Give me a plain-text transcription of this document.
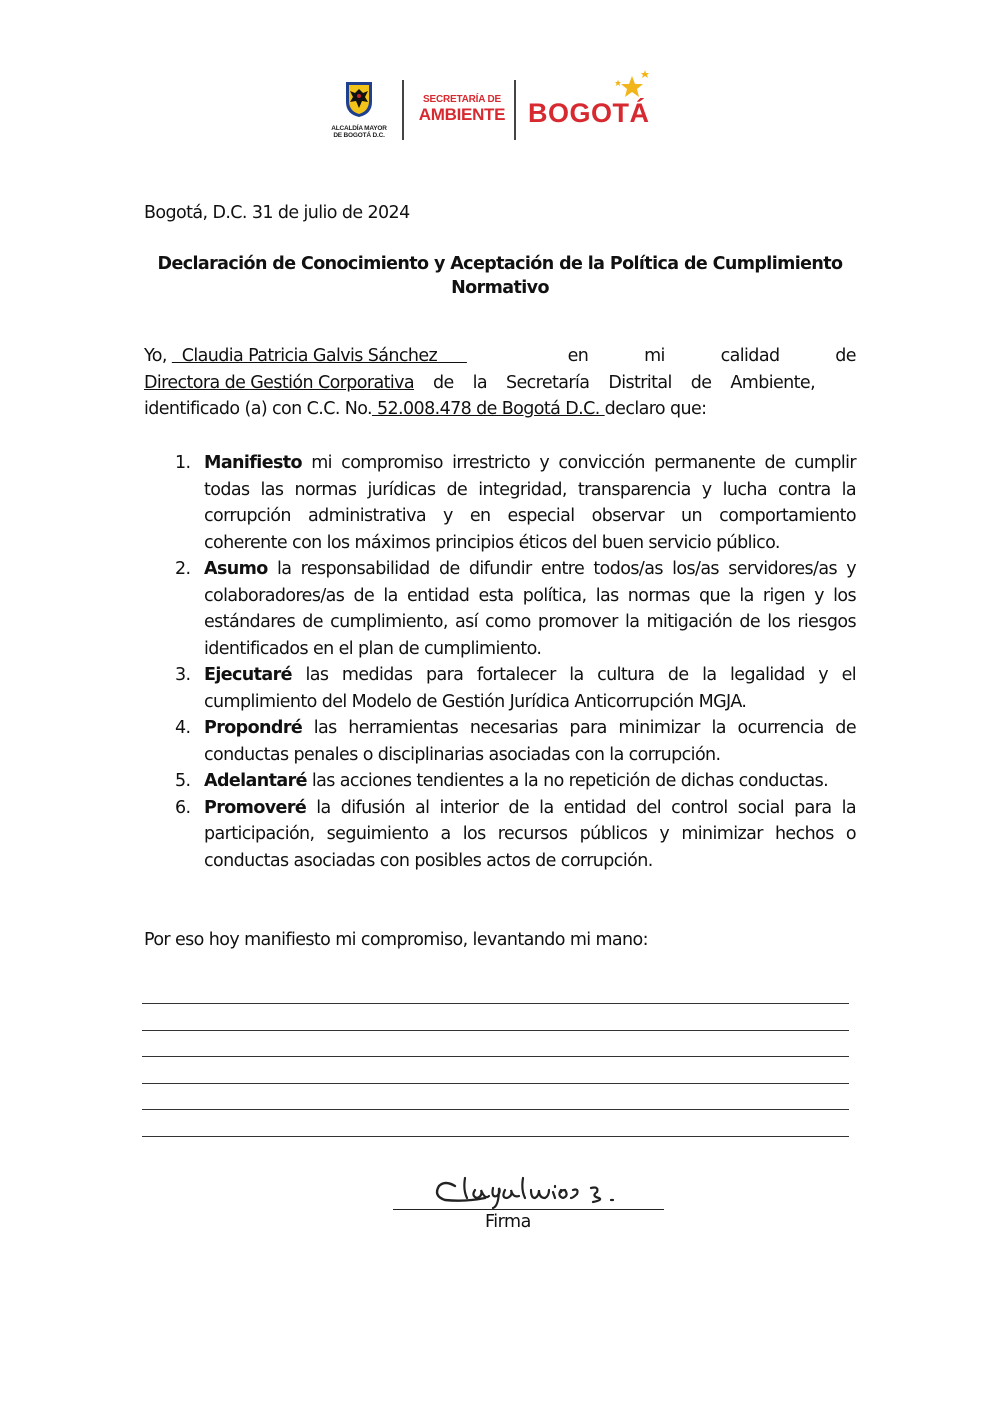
ALCALDÍA MAYOR
DE BOGOTÁ D.C.
SECRETARÍA DE
AMBIENTE BOGOTÁ
Bogotá, D.C. 31 de julio de 2024
Declaración de Conocimiento y Aceptación de la Política de Cumplimiento Normativo
Yo,   Claudia Patricia Galvis Sánchez	en	mi	calidad	de
Directora de Gestión Corporativa de la Secretaría Distrital de Ambiente,
identificado (a) con C.C. No. 52.008.478 de Bogotá D.C. declaro que:
1. Manifiesto mi compromiso irrestricto y convicción permanente de cumplir todas las normas jurídicas de integridad, transparencia y lucha contra la corrupción administrativa y en especial observar un comportamiento coherente con los máximos principios éticos del buen servicio público.
2. Asumo la responsabilidad de difundir entre todos/as los/as servidores/as y colaboradores/as de la entidad esta política, las normas que la rigen y los estándares de cumplimiento, así como promover la mitigación de los riesgos identificados en el plan de cumplimiento.
3. Ejecutaré las medidas para fortalecer la cultura de la legalidad y el cumplimiento del Modelo de Gestión Jurídica Anticorrupción MGJA.
4. Propondré las herramientas necesarias para minimizar la ocurrencia de conductas penales o disciplinarias asociadas con la corrupción.
5. Adelantaré las acciones tendientes a la no repetición de dichas conductas.
6. Promoveré la difusión al interior de la entidad del control social para la participación, seguimiento a los recursos públicos y minimizar hechos o conductas asociadas con posibles actos de corrupción.
Por eso hoy manifiesto mi compromiso, levantando mi mano:
Firma
